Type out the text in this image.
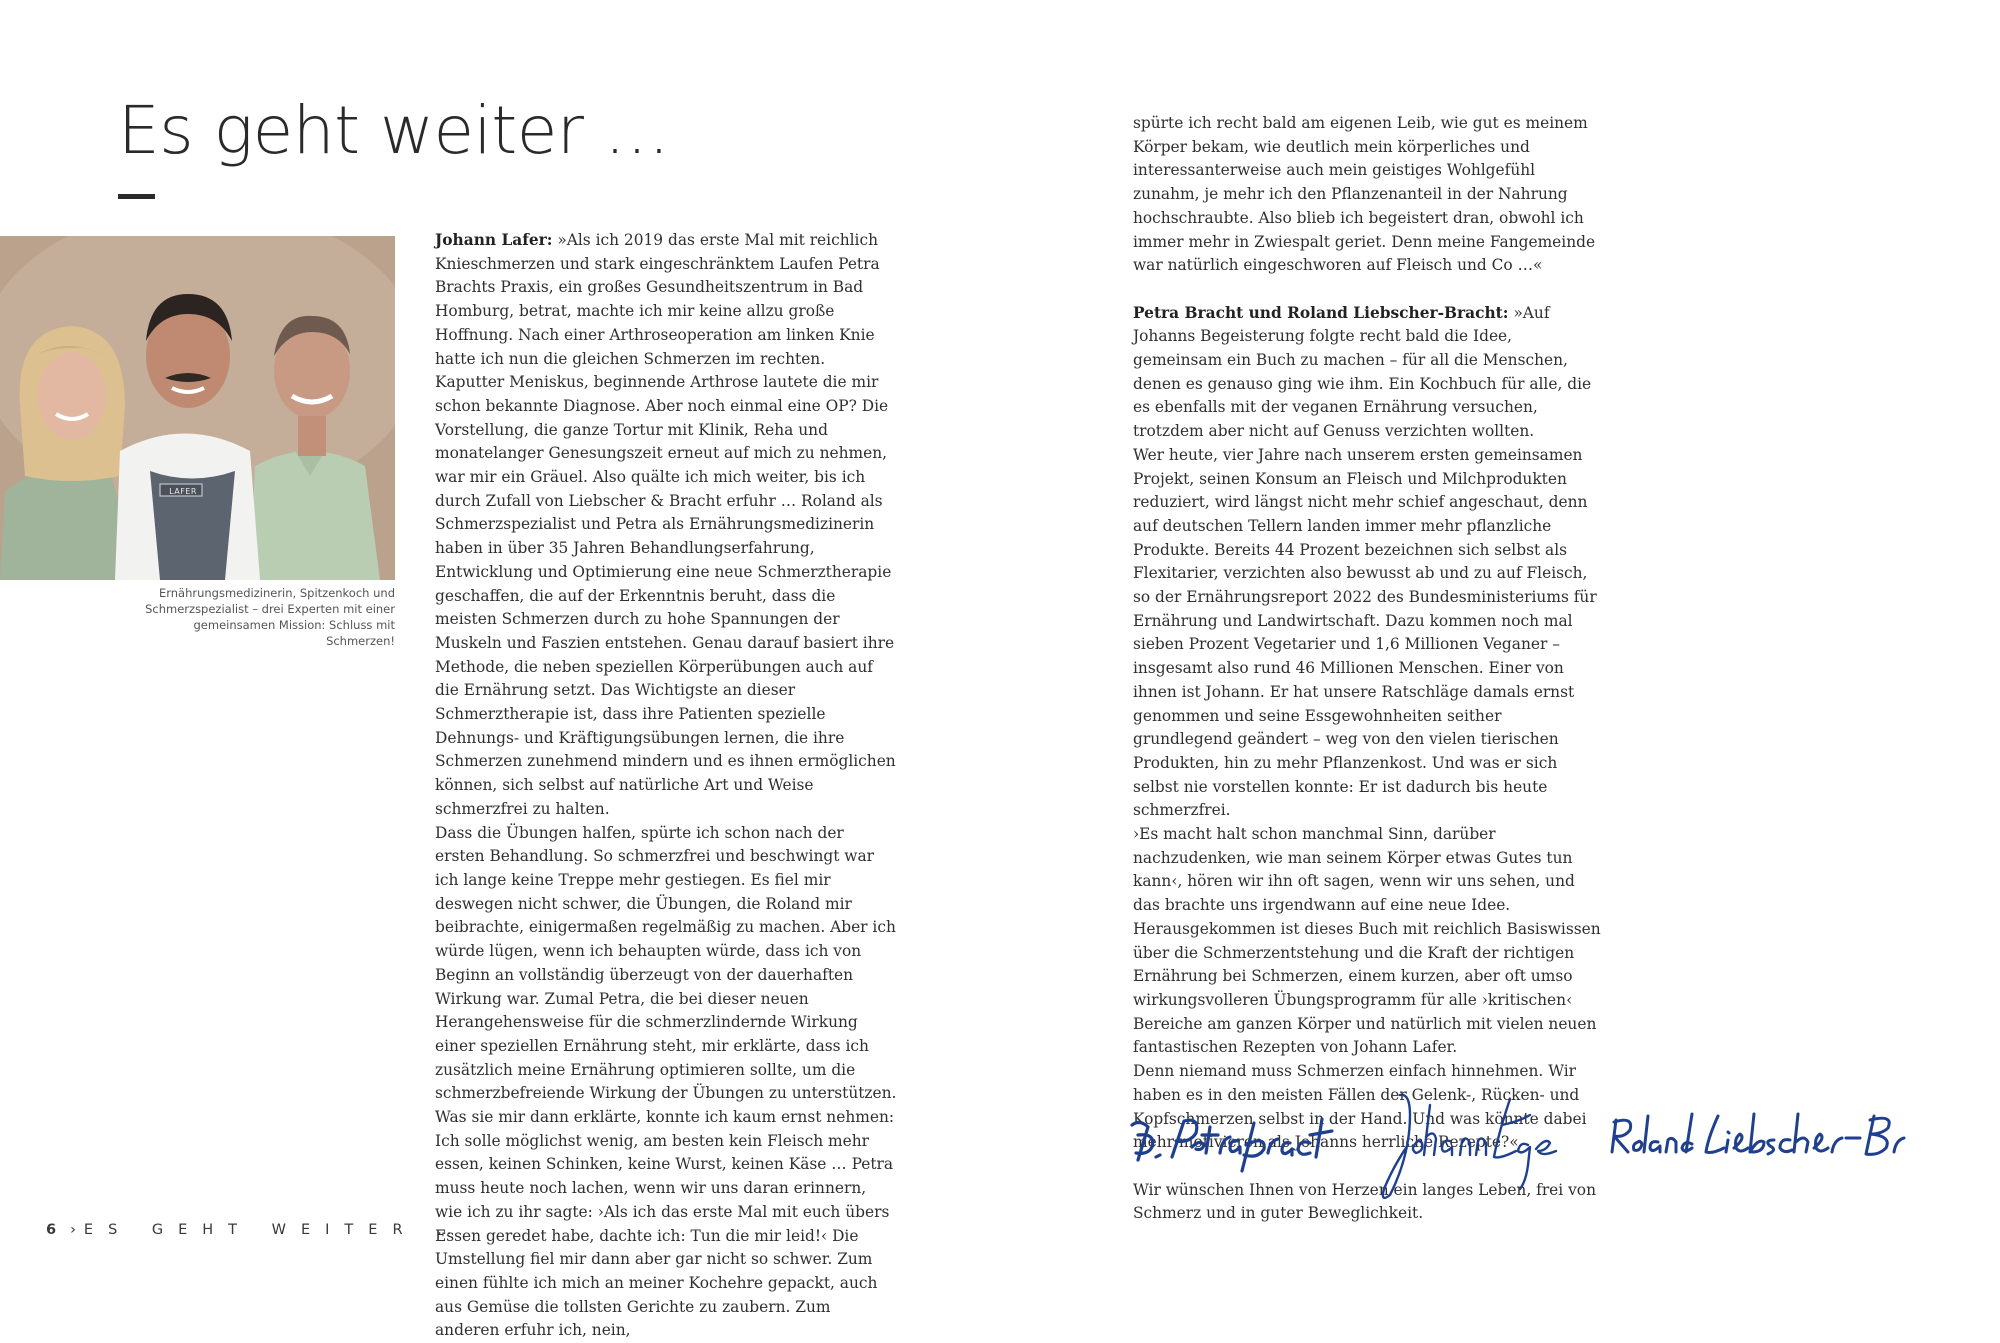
Es geht weiter …
LAFER

Ernährungsmedizinerin, Spitzenkoch und Schmerzspezialist – drei Experten mit einer gemeinsamen Mission: Schluss mit Schmerzen!

Johann Lafer: »Als ich 2019 das erste Mal mit reichlich Knieschmerzen und stark eingeschränktem Laufen Petra Brachts Praxis, ein großes Gesundheitszentrum in Bad Homburg, betrat, machte ich mir keine allzu große Hoffnung. Nach einer Arthroseoperation am linken Knie hatte ich nun die gleichen Schmerzen im rechten. Kaputter Meniskus, beginnende Arthrose lautete die mir schon bekannte Diagnose. Aber noch einmal eine OP? Die Vorstellung, die ganze Tortur mit Klinik, Reha und monatelanger Genesungszeit erneut auf mich zu nehmen, war mir ein Gräuel. Also quälte ich mich weiter, bis ich durch Zufall von Liebscher & Bracht erfuhr … Roland als Schmerzspezialist und Petra als Ernährungsmedizinerin haben in über 35 Jahren Behandlungserfahrung, Entwicklung und Optimierung eine neue Schmerztherapie geschaffen, die auf der Erkenntnis beruht, dass die meisten Schmerzen durch zu hohe Spannungen der Muskeln und Faszien entstehen. Genau darauf basiert ihre Methode, die neben speziellen Körperübungen auch auf die Ernährung setzt. Das Wichtigste an dieser Schmerztherapie ist, dass ihre Patienten spezielle Dehnungs- und Kräftigungsübungen lernen, die ihre Schmerzen zunehmend mindern und es ihnen ermöglichen können, sich selbst auf natürliche Art und Weise schmerzfrei zu halten.

Dass die Übungen halfen, spürte ich schon nach der ersten Behandlung. So schmerzfrei und beschwingt war ich lange keine Treppe mehr gestiegen. Es fiel mir deswegen nicht schwer, die Übungen, die Roland mir beibrachte, einigermaßen regelmäßig zu machen. Aber ich würde lügen, wenn ich behaupten würde, dass ich von Beginn an vollständig überzeugt von der dauerhaften Wirkung war. Zumal Petra, die bei dieser neuen Herangehensweise für die schmerzlindernde Wirkung einer speziellen Ernährung steht, mir erklärte, dass ich zusätzlich meine Ernährung optimieren sollte, um die schmerzbefreiende Wirkung der Übungen zu unterstützen. Was sie mir dann erklärte, konnte ich kaum ernst nehmen: Ich solle möglichst wenig, am besten kein Fleisch mehr essen, keinen Schinken, keine Wurst, keinen Käse … Petra muss heute noch lachen, wenn wir uns daran erinnern, wie ich zu ihr sagte: ›Als ich das erste Mal mit euch übers Essen geredet habe, dachte ich: Tun die mir leid!‹ Die Umstellung fiel mir dann aber gar nicht so schwer. Zum einen fühlte ich mich an meiner Kochehre gepackt, auch aus Gemüse die tollsten Gerichte zu zaubern. Zum anderen erfuhr ich, nein,

spürte ich recht bald am eigenen Leib, wie gut es meinem Körper bekam, wie deutlich mein körperliches und interessanterweise auch mein geistiges Wohlgefühl zunahm, je mehr ich den Pflanzenanteil in der Nahrung hochschraubte. Also blieb ich begeistert dran, obwohl ich immer mehr in Zwiespalt geriet. Denn meine Fangemeinde war natürlich eingeschworen auf Fleisch und Co …«

Petra Bracht und Roland Liebscher-Bracht: »Auf Johanns Begeisterung folgte recht bald die Idee, gemeinsam ein Buch zu machen – für all die Menschen, denen es genauso ging wie ihm. Ein Kochbuch für alle, die es ebenfalls mit der veganen Ernährung versuchen, trotzdem aber nicht auf Genuss verzichten wollten.

Wer heute, vier Jahre nach unserem ersten gemeinsamen Projekt, seinen Konsum an Fleisch und Milchprodukten reduziert, wird längst nicht mehr schief angeschaut, denn auf deutschen Tellern landen immer mehr pflanzliche Produkte. Bereits 44 Prozent bezeichnen sich selbst als Flexitarier, verzichten also bewusst ab und zu auf Fleisch, so der Ernährungsreport 2022 des Bundesministeriums für Ernährung und Landwirtschaft. Dazu kommen noch mal sieben Prozent Vegetarier und 1,6 Millionen Veganer – insgesamt also rund 46 Millionen Menschen. Einer von ihnen ist Johann. Er hat unsere Ratschläge damals ernst genommen und seine Essgewohnheiten seither grundlegend geändert – weg von den vielen tierischen Produkten, hin zu mehr Pflanzenkost. Und was er sich selbst nie vorstellen konnte: Er ist dadurch bis heute schmerzfrei.

›Es macht halt schon manchmal Sinn, darüber nachzudenken, wie man seinem Körper etwas Gutes tun kann‹, hören wir ihn oft sagen, wenn wir uns sehen, und das brachte uns irgendwann auf eine neue Idee. Herausgekommen ist dieses Buch mit reichlich Basiswissen über die Schmerzentstehung und die Kraft der richtigen Ernährung bei Schmerzen, einem kurzen, aber oft umso wirkungsvolleren Übungsprogramm für alle ›kritischen‹ Bereiche am ganzen Körper und natürlich mit vielen neuen fantastischen Rezepten von Johann Lafer.

Denn niemand muss Schmerzen einfach hinnehmen. Wir haben es in den meisten Fällen der Gelenk-, Rücken- und Kopfschmerzen selbst in der Hand. Und was könnte dabei mehr motivieren als Johanns herrliche Rezepte?«

Wir wünschen Ihnen von Herzen ein langes Leben, frei von Schmerz und in guter Beweglichkeit.

6 › ES GEHT WEITER …
